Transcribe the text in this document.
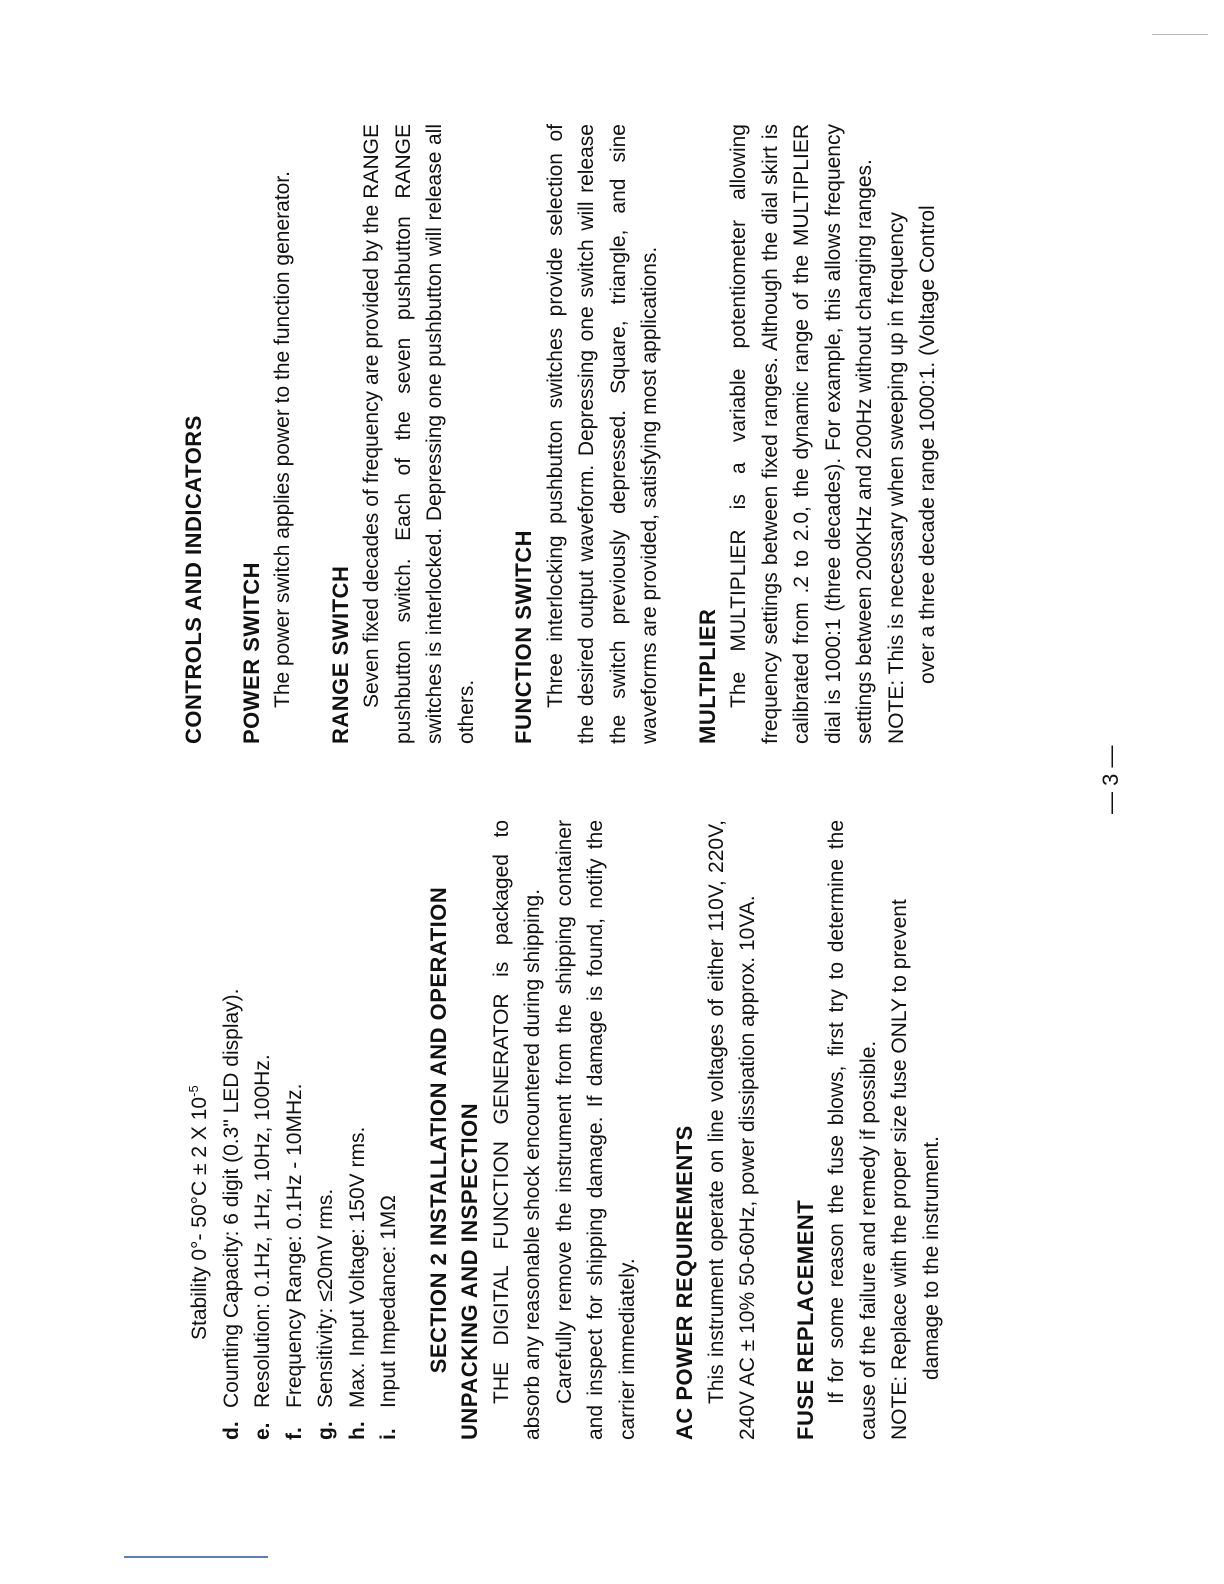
Stability 0°- 50°C ± 2 X $10^{-5}$
d.
Counting Capacity: 6 digit (0.3" LED display).
e.
Resolution: 0.1Hz, 1Hz, 10Hz, 100Hz.
f.
Frequency Range: 0.1Hz - 10MHz.
g.
Sensitivity: ≤20mV rms.
h.
Max. Input Voltage: 150V rms.
i.
Input Impedance: 1MΩ SECTION 2 INSTALLATION AND OPERATION UNPACKING AND INSPECTION THE DIGITAL FUNCTION GENERATOR is packaged to absorb any reasonable shock encountered during shipping. Carefully remove the instrument from the shipping container and inspect for shipping damage. If damage is found, notify the carrier immediately. AC POWER REQUIREMENTS This instrument operate on line voltages of either 110V, 220V, 240V AC ± 10% 50-60Hz, power dissipation approx. 10VA. FUSE REPLACEMENT If for some reason the fuse blows, first try to determine the cause of the failure and remedy if possible. NOTE: Replace with the proper size fuse ONLY to prevent damage to the instrument.
CONTROLS AND INDICATORS POWER SWITCH The power switch applies power to the function generator. RANGE SWITCH Seven fixed decades of frequency are provided by the RANGE pushbutton switch. Each of the seven pushbutton RANGE switches is interlocked. Depressing one pushbutton will release all others. FUNCTION SWITCH Three interlocking pushbutton switches provide selection of the desired output waveform. Depressing one switch will release the switch previously depressed. Square, triangle, and sine waveforms are provided, satisfying most applications. MULTIPLIER The MULTIPLIER is a variable potentiometer allowing frequency settings between fixed ranges. Although the dial skirt is calibrated from .2 to 2.0, the dynamic range of the MULTIPLIER dial is 1000:1 (three decades). For example, this allows frequency settings between 200KHz and 200Hz without changing ranges. NOTE: This is necessary when sweeping up in frequency over a three decade range 1000:1. (Voltage Control
— 3 —
